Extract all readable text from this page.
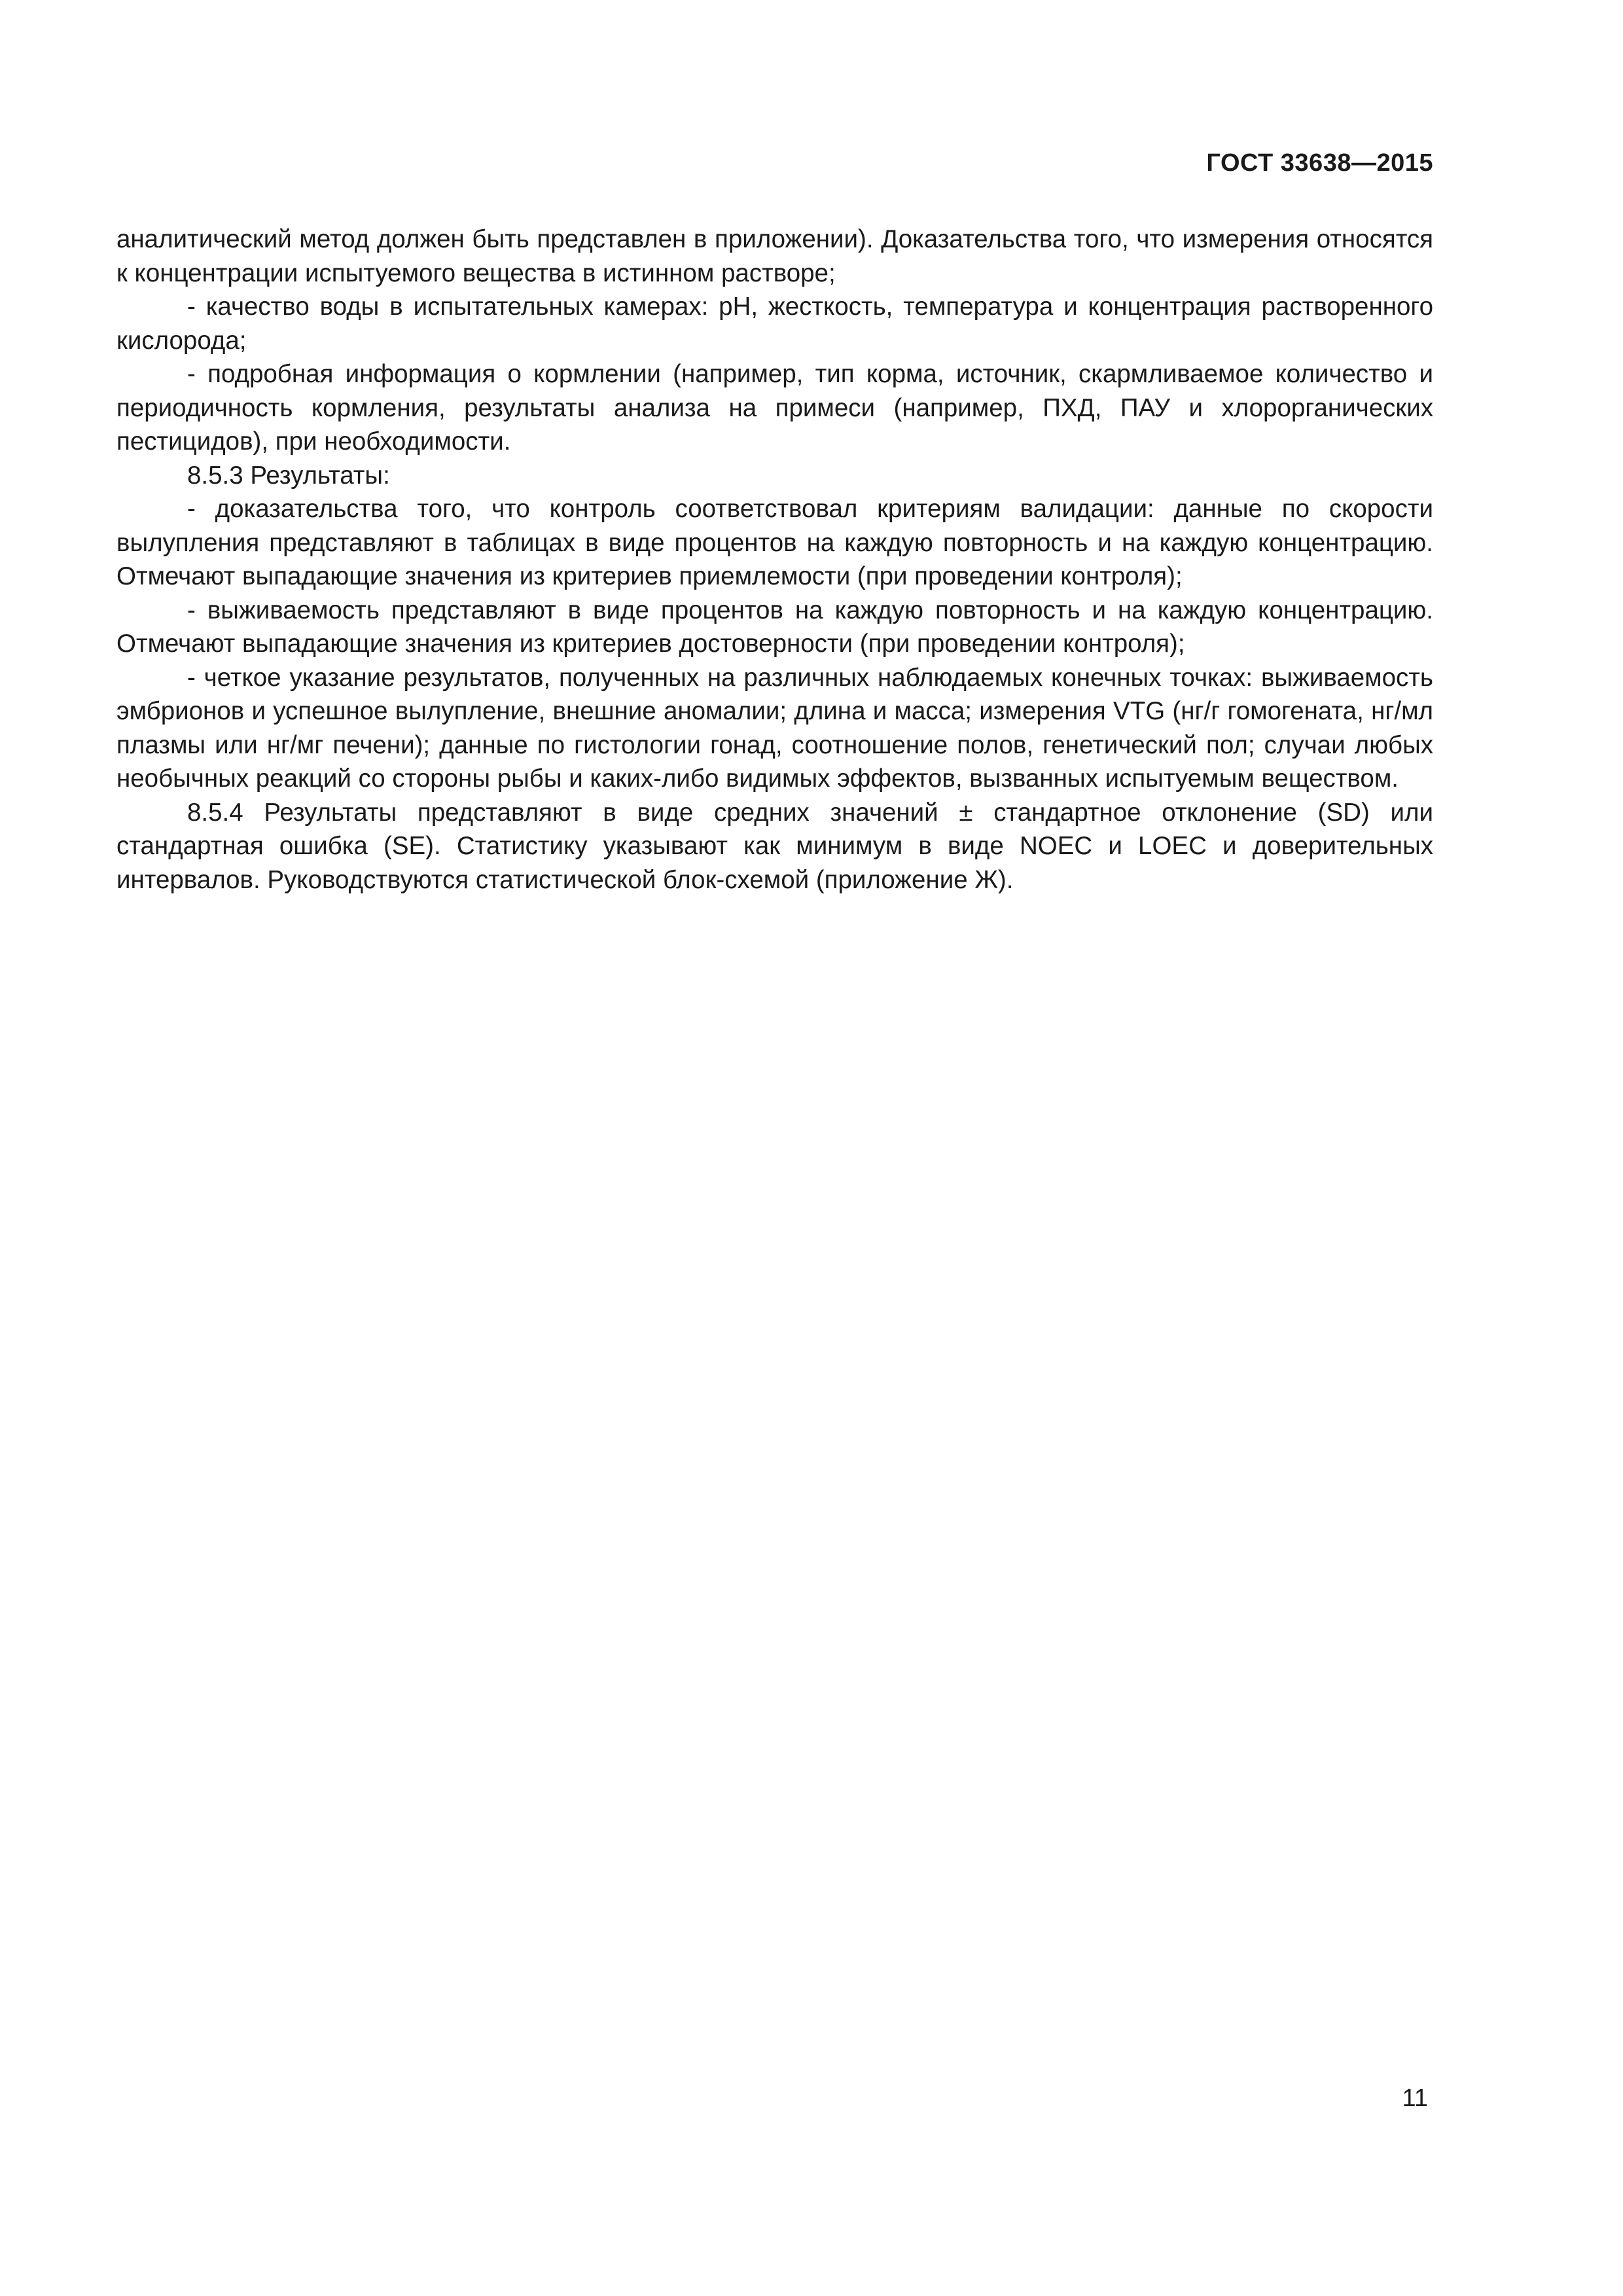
ГОСТ 33638—2015

аналитический метод должен быть представлен в приложении). Доказательства того, что измерения относятся к концентрации испытуемого вещества в истинном растворе;

- качество воды в испытательных камерах: pH, жесткость, температура и концентрация растворенного кислорода;

- подробная информация о кормлении (например, тип корма, источник, скармливаемое количество и периодичность кормления, результаты анализа на примеси (например, ПХД, ПАУ и хлорорганических пестицидов), при необходимости.

8.5.3 Результаты:

- доказательства того, что контроль соответствовал критериям валидации: данные по скорости вылупления представляют в таблицах в виде процентов на каждую повторность и на каждую концентрацию. Отмечают выпадающие значения из критериев приемлемости (при проведении контроля);

- выживаемость представляют в виде процентов на каждую повторность и на каждую концентрацию. Отмечают выпадающие значения из критериев достоверности (при проведении контроля);

- четкое указание результатов, полученных на различных наблюдаемых конечных точках: выживаемость эмбрионов и успешное вылупление, внешние аномалии; длина и масса; измерения VTG (нг/г гомогената, нг/мл плазмы или нг/мг печени); данные по гистологии гонад, соотношение полов, генетический пол; случаи любых необычных реакций со стороны рыбы и каких-либо видимых эффектов, вызванных испытуемым веществом.

8.5.4 Результаты представляют в виде средних значений ± стандартное отклонение (SD) или стандартная ошибка (SE). Статистику указывают как минимум в виде NOEC и LOEC и доверительных интервалов. Руководствуются статистической блок-схемой (приложение Ж).

11
